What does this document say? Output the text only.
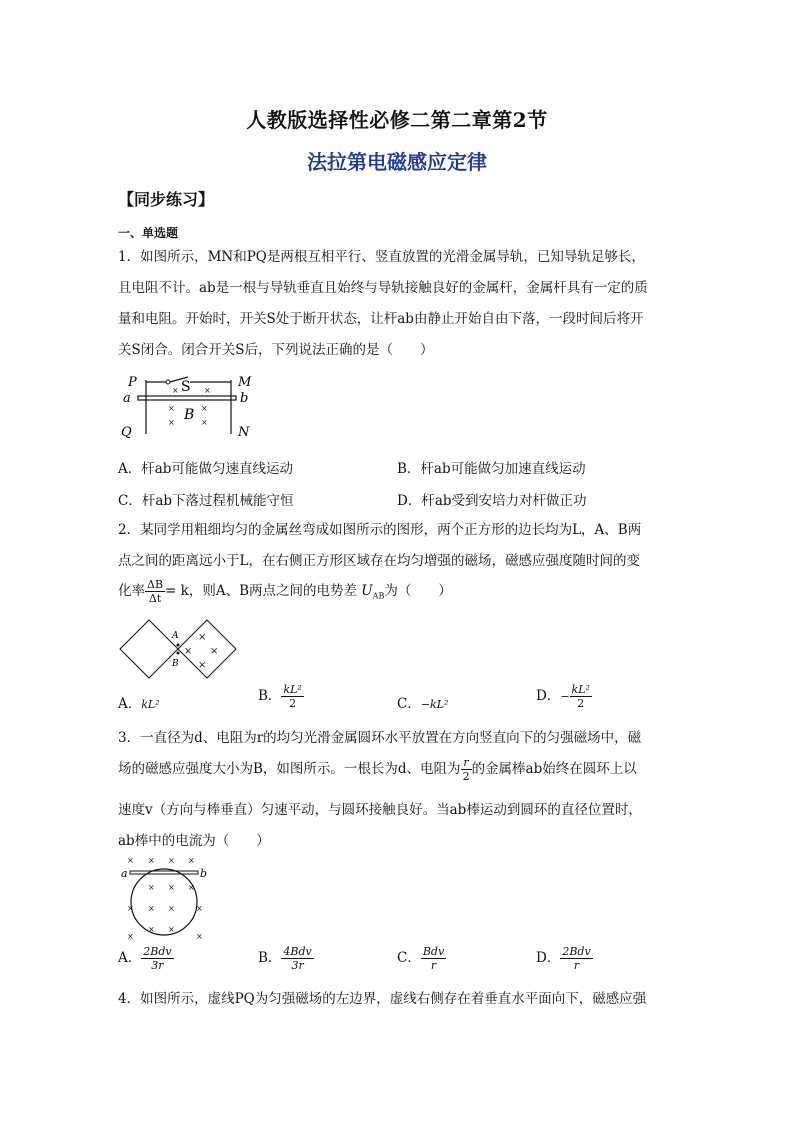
人教版选择性必修二第二章第2节
法拉第电磁感应定律
【同步练习】
一、单选题
1．如图所示，MN和PQ是两根互相平行、竖直放置的光滑金属导轨，已知导轨足够长，
且电阻不计。ab是一根与导轨垂直且始终与导轨接触良好的金属杆，金属杆具有一定的质
量和电阻。开始时，开关S处于断开状态，让杆ab由静止开始自由下落，一段时间后将开
关S闭合。闭合开关S后，下列说法正确的是（　　）
P	M
S
a	b
B
Q	N
×	×
×	×
×	×
A．杆ab可能做匀速直线运动	B．杆ab可能做匀加速直线运动
C．杆ab下落过程机械能守恒	D．杆ab受到安培力对杆做正功
2．某同学用粗细均匀的金属丝弯成如图所示的图形，两个正方形的边长均为L，A、B两
点之间的距离远小于L，在右侧正方形区域存在均匀增强的磁场，磁感应强度随时间的变
化率 $\frac{\Delta B}{\Delta t} = k$，则A、B两点之间的电势差 $U_{AB}$为（　　）
A
B
×
× ×
×
A．kL²
B． $\frac{\text{kL²}}{2}$	C．−kL²
D．− $\frac{\text{kL²}}{2}$
3．一直径为d、电阻为r的均匀光滑金属圆环水平放置在方向竖直向下的匀强磁场中，磁
场的磁感应强度大小为B，如图所示。一根长为d、电阻为 $\frac{r}{2}$ 的金属棒ab始终在圆环上以
速度v（方向与棒垂直）匀速平动，与圆环接触良好。当ab棒运动到圆环的直径位置时，
ab棒中的电流为（　　）
a	b
× × × ×
× × ×
× × ×	×
× ×
×	×
A． $\frac{\text{2Bdv}}{3r}$	B． $\frac{\text{4Bdv}}{3r}$	C． $\frac{\text{Bdv}}{r}$	D． $\frac{\text{2Bdv}}{r}$
4．如图所示，虚线PQ为匀强磁场的左边界，虚线右侧存在着垂直水平面向下，磁感应强
